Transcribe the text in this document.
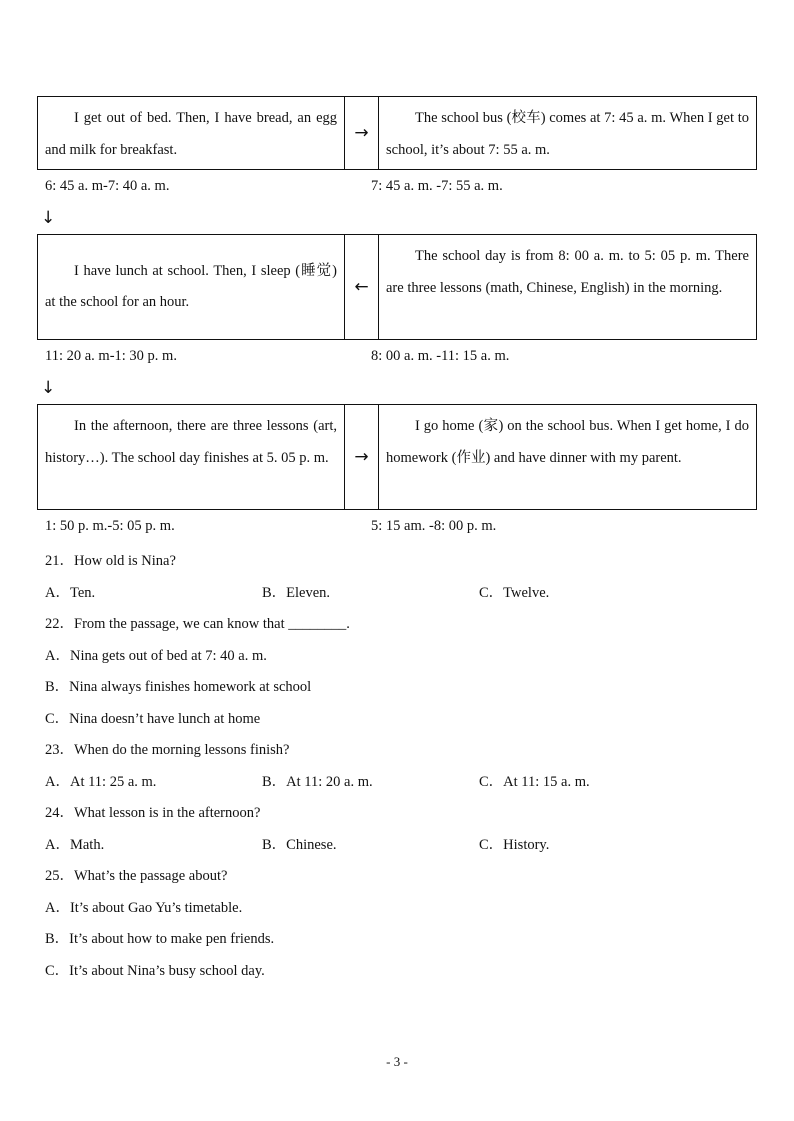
I get out of bed. Then, I have bread, an egg and milk for breakfast.
→
The school bus (校车) comes at 7: 45 a. m. When I get to school, it’s about 7: 55 a. m.
6: 45 a. m-7: 40 a. m.	7: 45 a. m. -7: 55 a. m.
↓
I have lunch at school. Then, I sleep (睡觉) at the school for an hour.
←
The school day is from 8: 00 a. m. to 5: 05 p. m. There are three lessons (math, Chinese, English) in the morning.
11: 20 a. m-1: 30 p. m.	8: 00 a. m. -11: 15 a. m.
↓
In the afternoon, there are three lessons (art, history…). The school day finishes at 5. 05 p. m.	→
I go home (家) on the school bus. When I get home, I do homework (作业) and have dinner with my parent.
1: 50 p. m.-5: 05 p. m.	5: 15 am. -8: 00 p. m.
21．How old is Nina?
A．Ten.	B．Eleven.	C．Twelve.
22．From the passage, we can know that ________.
A．Nina gets out of bed at 7: 40 a. m.
B．Nina always finishes homework at school
C．Nina doesn’t have lunch at home
23．When do the morning lessons finish?
A．At 11: 25 a. m.	B．At 11: 20 a. m.	C．At 11: 15 a. m.
24．What lesson is in the afternoon?
A．Math.	B．Chinese.	C．History.
25．What’s the passage about?
A．It’s about Gao Yu’s timetable.
B．It’s about how to make pen friends.
C．It’s about Nina’s busy school day.
- 3 -
